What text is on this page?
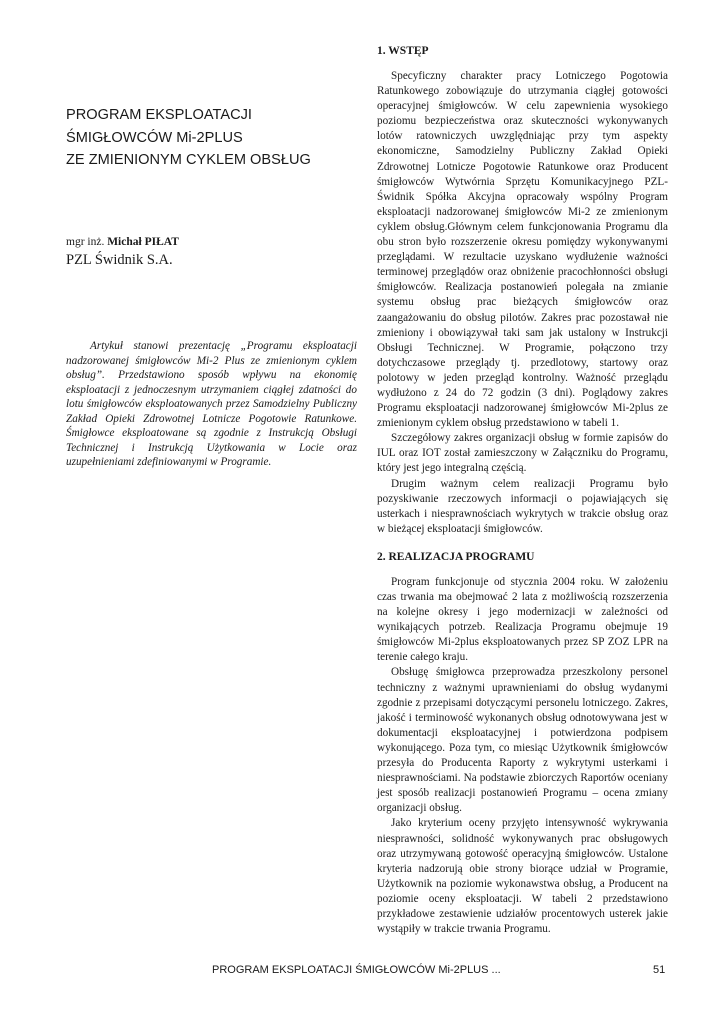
PROGRAM EKSPLOATACJI
ŚMIGŁOWCÓW Mi-2PLUS
ZE ZMIENIONYM CYKLEM OBSŁUG
mgr inż. Michał PIŁAT
PZL Świdnik S.A.

Artykuł stanowi prezentację „Programu eksploatacji nadzorowanej śmigłowców Mi-2 Plus ze zmienionym cyklem obsług”. Przedstawiono sposób wpływu na ekonomię eksploatacji z jednoczesnym utrzymaniem ciągłej zdatności do lotu śmigłowców eksploatowanych przez Samodzielny Publiczny Zakład Opieki Zdrowotnej Lotnicze Pogotowie Ratunkowe. Śmigłowce eksploatowane są zgodnie z Instrukcją Obsługi Technicznej i Instrukcją Użytkowania w Locie oraz uzupełnieniami zdefiniowanymi w Programie.

1. WSTĘP

Specyficzny charakter pracy Lotniczego Pogotowia Ratunkowego zobowiązuje do utrzymania ciągłej gotowości operacyjnej śmigłowców. W celu zapewnienia wysokiego poziomu bezpieczeństwa oraz skuteczności wykonywanych lotów ratowniczych uwzględniając przy tym aspekty ekonomiczne, Samodzielny Publiczny Zakład Opieki Zdrowotnej Lotnicze Pogotowie Ratunkowe oraz Producent śmigłowców Wytwórnia Sprzętu Komunikacyjnego PZL-Świdnik Spółka Akcyjna opracowały wspólny Program eksploatacji nadzorowanej śmigłowców Mi-2 ze zmienionym cyklem obsług.Głównym celem funkcjonowania Programu dla obu stron było rozszerzenie okresu pomiędzy wykonywanymi przeglądami. W rezultacie uzyskano wydłużenie ważności terminowej przeglądów oraz obniżenie pracochłonności obsługi śmigłowców. Realizacja postanowień polegała na zmianie systemu obsług prac bieżących śmigłowców oraz zaangażowaniu do obsług pilotów. Zakres prac pozostawał nie zmieniony i obowiązywał taki sam jak ustalony w Instrukcji Obsługi Technicznej. W Programie, połączono trzy dotychczasowe przeglądy tj. przedlotowy, startowy oraz polotowy w jeden przegląd kontrolny. Ważność przeglądu wydłużono z 24 do 72 godzin (3 dni). Poglądowy zakres Programu eksploatacji nadzorowanej śmigłowców Mi-2plus ze zmienionym cyklem obsług przedstawiono w tabeli 1.

Szczegółowy zakres organizacji obsług w formie zapisów do IUL oraz IOT został zamieszczony w Załączniku do Programu, który jest jego integralną częścią.

Drugim ważnym celem realizacji Programu było pozyskiwanie rzeczowych informacji o pojawiających się usterkach i niesprawnościach wykrytych w trakcie obsług oraz w bieżącej eksploatacji śmigłowców.

2. REALIZACJA PROGRAMU

Program funkcjonuje od stycznia 2004 roku. W założeniu czas trwania ma obejmować 2 lata z możliwością rozszerzenia na kolejne okresy i jego modernizacji w zależności od wynikających potrzeb. Realizacja Programu obejmuje 19 śmigłowców Mi-2plus eksploatowanych przez SP ZOZ LPR na terenie całego kraju.

Obsługę śmigłowca przeprowadza przeszkolony personel techniczny z ważnymi uprawnieniami do obsług wydanymi zgodnie z przepisami dotyczącymi personelu lotniczego. Zakres, jakość i terminowość wykonanych obsług odnotowywana jest w dokumentacji eksploatacyjnej i potwierdzona podpisem wykonującego. Poza tym, co miesiąc Użytkownik śmigłowców przesyła do Producenta Raporty z wykrytymi usterkami i niesprawnościami. Na podstawie zbiorczych Raportów oceniany jest sposób realizacji postanowień Programu – ocena zmiany organizacji obsług.

Jako kryterium oceny przyjęto intensywność wykrywania niesprawności, solidność wykonywanych prac obsługowych oraz utrzymywaną gotowość operacyjną śmigłowców. Ustalone kryteria nadzorują obie strony biorące udział w Programie, Użytkownik na poziomie wykonawstwa obsług, a Producent na poziomie oceny eksploatacji. W tabeli 2 przedstawiono przykładowe zestawienie udziałów procentowych usterek jakie wystąpiły w trakcie trwania Programu.

PROGRAM EKSPLOATACJI ŚMIGŁOWCÓW Mi-2PLUS ...	51
